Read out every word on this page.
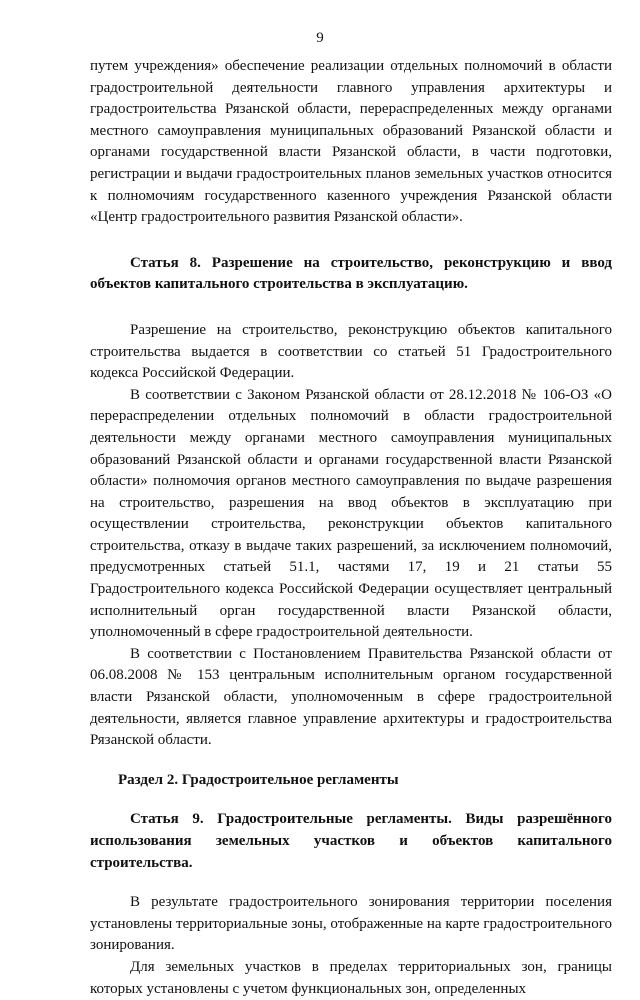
9

путем учреждения» обеспечение реализации отдельных полномочий в области градостроительной деятельности главного управления архитектуры и градостроительства Рязанской области, перераспределенных между органами местного самоуправления муниципальных образований Рязанской области и органами государственной власти Рязанской области, в части подготовки, регистрации и выдачи градостроительных планов земельных участков относится к полномочиям государственного казенного учреждения Рязанской области «Центр градостроительного развития Рязанской области».

Статья 8. Разрешение на строительство, реконструкцию и ввод объектов капитального строительства в эксплуатацию.

Разрешение на строительство, реконструкцию объектов капитального строительства выдается в соответствии со статьей 51 Градостроительного кодекса Российской Федерации.

В соответствии с Законом Рязанской области от 28.12.2018 № 106-ОЗ «О перераспределении отдельных полномочий в области градостроительной деятельности между органами местного самоуправления муниципальных образований Рязанской области и органами государственной власти Рязанской области» полномочия органов местного самоуправления по выдаче разрешения на строительство, разрешения на ввод объектов в эксплуатацию при осуществлении строительства, реконструкции объектов капитального строительства, отказу в выдаче таких разрешений, за исключением полномочий, предусмотренных статьей 51.1, частями 17, 19 и 21 статьи 55 Градостроительного кодекса Российской Федерации осуществляет центральный исполнительный орган государственной власти Рязанской области, уполномоченный в сфере градостроительной деятельности.

В соответствии с Постановлением Правительства Рязанской области от 06.08.2008 № 153 центральным исполнительным органом государственной власти Рязанской области, уполномоченным в сфере градостроительной деятельности, является главное управление архитектуры и градостроительства Рязанской области.

Раздел 2. Градостроительное регламенты

Статья 9. Градостроительные регламенты. Виды разрешённого использования земельных участков и объектов капитального строительства.

В результате градостроительного зонирования территории поселения установлены территориальные зоны, отображенные на карте градостроительного зонирования.

Для земельных участков в пределах территориальных зон, границы которых установлены с учетом функциональных зон, определенных
